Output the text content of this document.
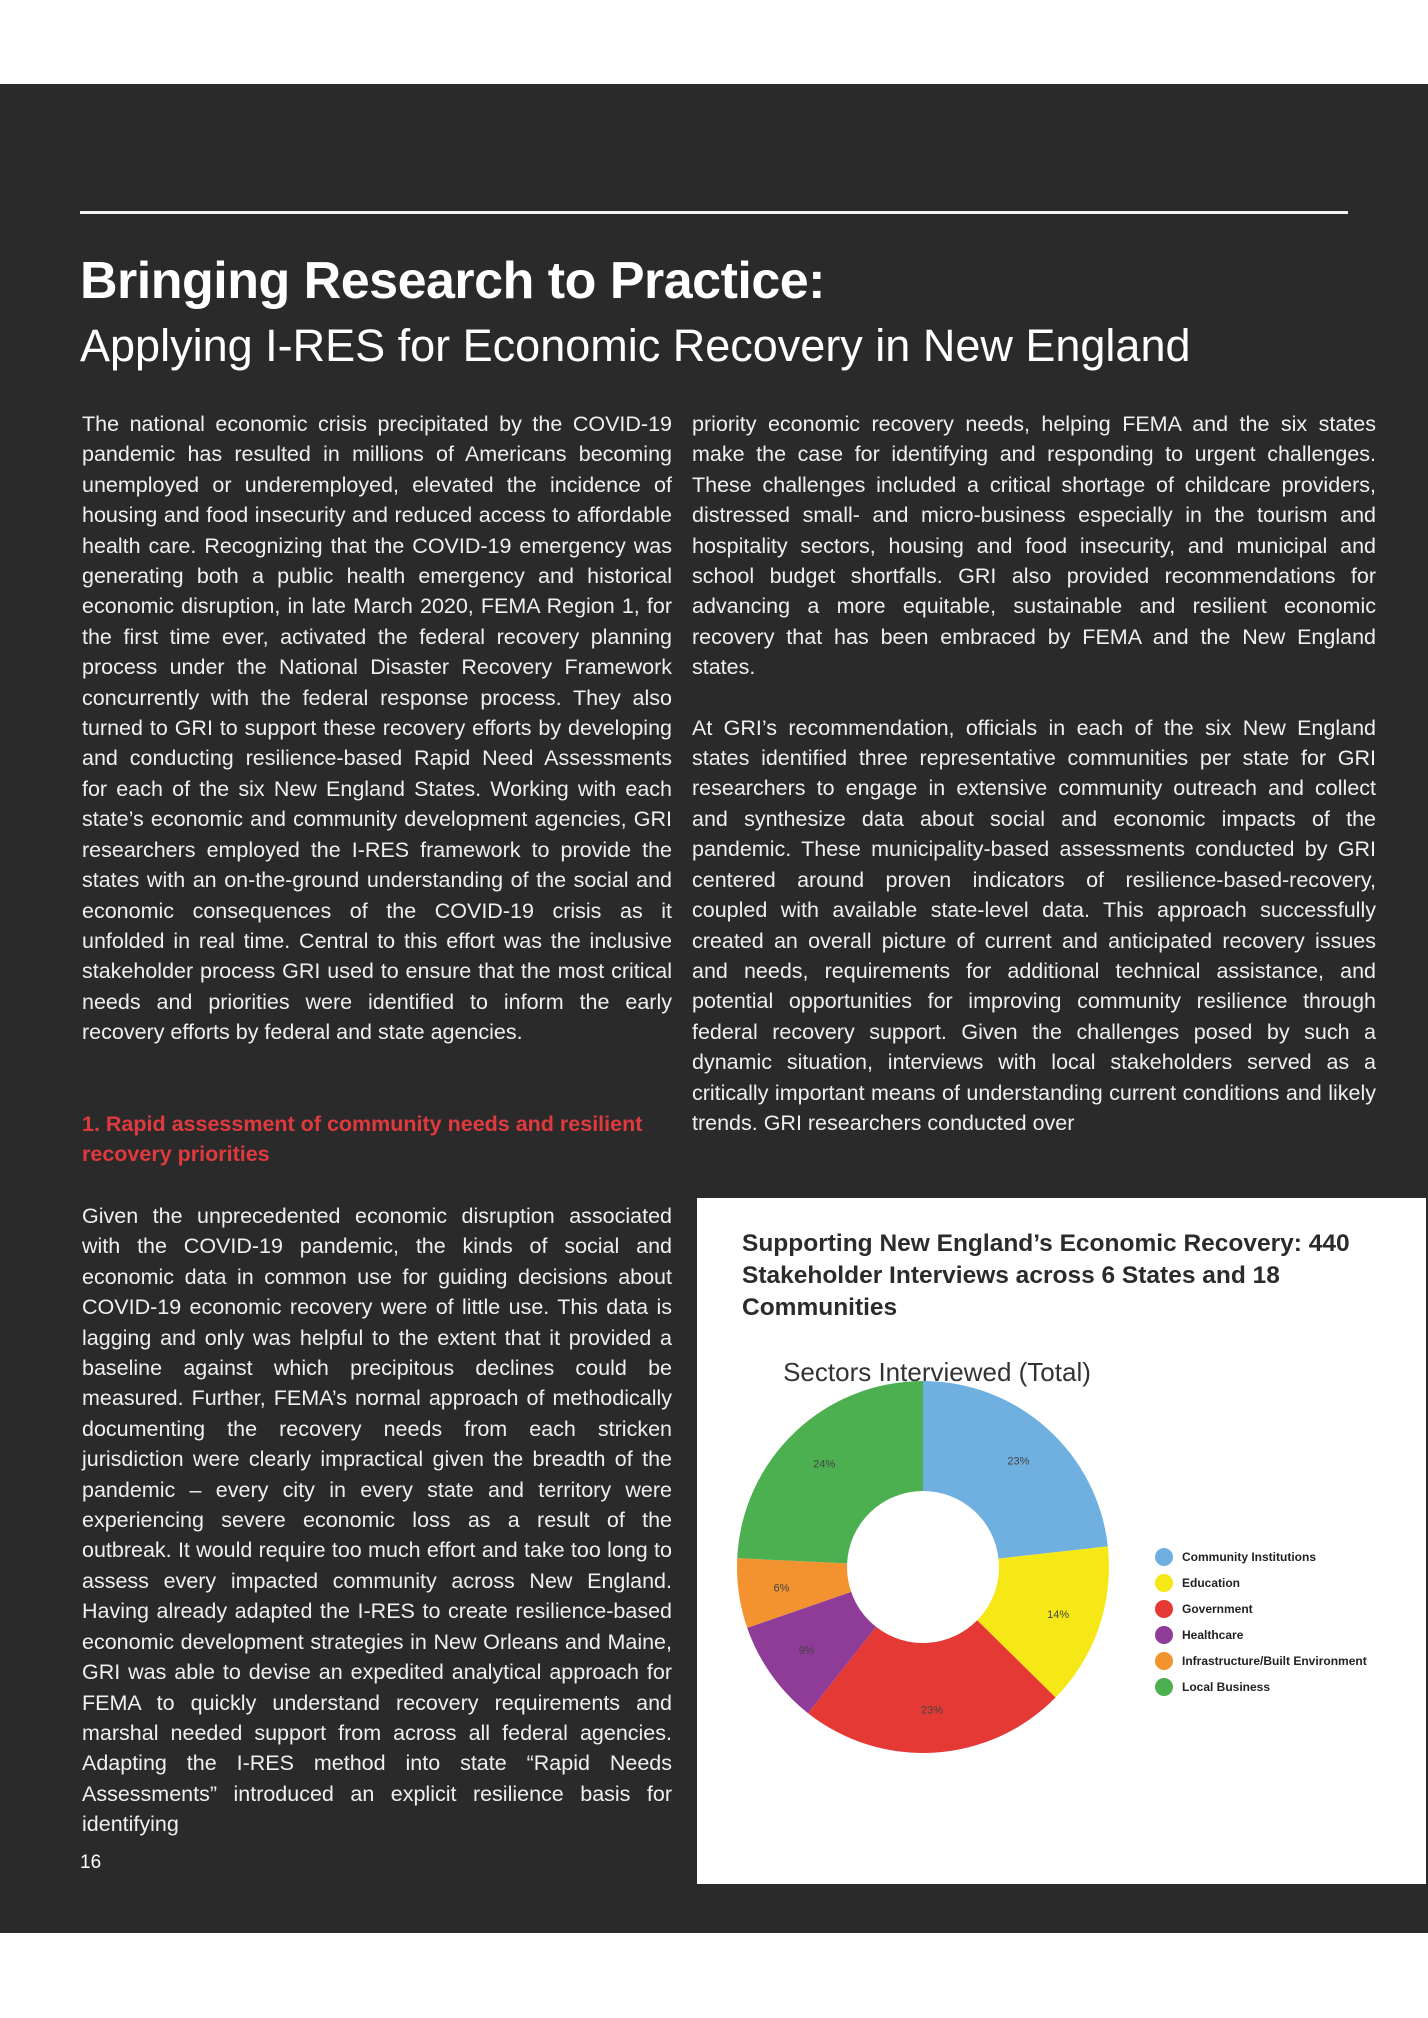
Bringing Research to Practice:
Applying I-RES for Economic Recovery in New England

The national economic crisis precipitated by the COVID-19 pandemic has resulted in millions of Americans becoming unemployed or underemployed, elevated the incidence of housing and food insecurity and reduced access to affordable health care. Recognizing that the COVID-19 emergency was generating both a public health emergency and historical economic disruption, in late March 2020, FEMA Region 1, for the first time ever, activated the federal recovery planning process under the National Disaster Recovery Framework concurrently with the federal response process. They also turned to GRI to support these recovery efforts by developing and conducting resilience-based Rapid Need Assessments for each of the six New England States. Working with each state’s economic and community development agencies, GRI researchers employed the I-RES framework to provide the states with an on-the-ground understanding of the social and economic consequences of the COVID-19 crisis as it unfolded in real time. Central to this effort was the inclusive stakeholder process GRI used to ensure that the most critical needs and priorities were identified to inform the early recovery efforts by federal and state agencies.

1. Rapid assessment of community needs and resilient recovery priorities

Given the unprecedented economic disruption associated with the COVID-19 pandemic, the kinds of social and economic data in common use for guiding decisions about COVID-19 economic recovery were of little use. This data is lagging and only was helpful to the extent that it provided a baseline against which precipitous declines could be measured. Further, FEMA’s normal approach of methodically documenting the recovery needs from each stricken jurisdiction were clearly impractical given the breadth of the pandemic – every city in every state and territory were experiencing severe economic loss as a result of the outbreak. It would require too much effort and take too long to assess every impacted community across New England. Having already adapted the I-RES to create resilience-based economic development strategies in New Orleans and Maine, GRI was able to devise an expedited analytical approach for FEMA to quickly understand recovery requirements and marshal needed support from across all federal agencies. Adapting the I-RES method into state “Rapid Needs Assessments” introduced an explicit resilience basis for identifying

priority economic recovery needs, helping FEMA and the six states make the case for identifying and responding to urgent challenges. These challenges included a critical shortage of childcare providers, distressed small- and micro-business especially in the tourism and hospitality sectors, housing and food insecurity, and municipal and school budget shortfalls. GRI also provided recommendations for advancing a more equitable, sustainable and resilient economic recovery that has been embraced by FEMA and the New England states.

At GRI’s recommendation, officials in each of the six New England states identified three representative communities per state for GRI researchers to engage in extensive community outreach and collect and synthesize data about social and economic impacts of the pandemic. These municipality-based assessments conducted by GRI centered around proven indicators of resilience-based-recovery, coupled with available state-level data. This approach successfully created an overall picture of current and anticipated recovery issues and needs, requirements for additional technical assistance, and potential opportunities for improving community resilience through federal recovery support. Given the challenges posed by such a dynamic situation, interviews with local stakeholders served as a critically important means of understanding current conditions and likely trends. GRI researchers conducted over

16

Supporting New England’s Economic Recovery: 440 Stakeholder Interviews across 6 States and 18 Communities

Sectors Interviewed (Total)
23%
14%
23%
9%
6%
24%
Community Institutions
Education
Government
Healthcare
Infrastructure/Built Environment
Local Business
